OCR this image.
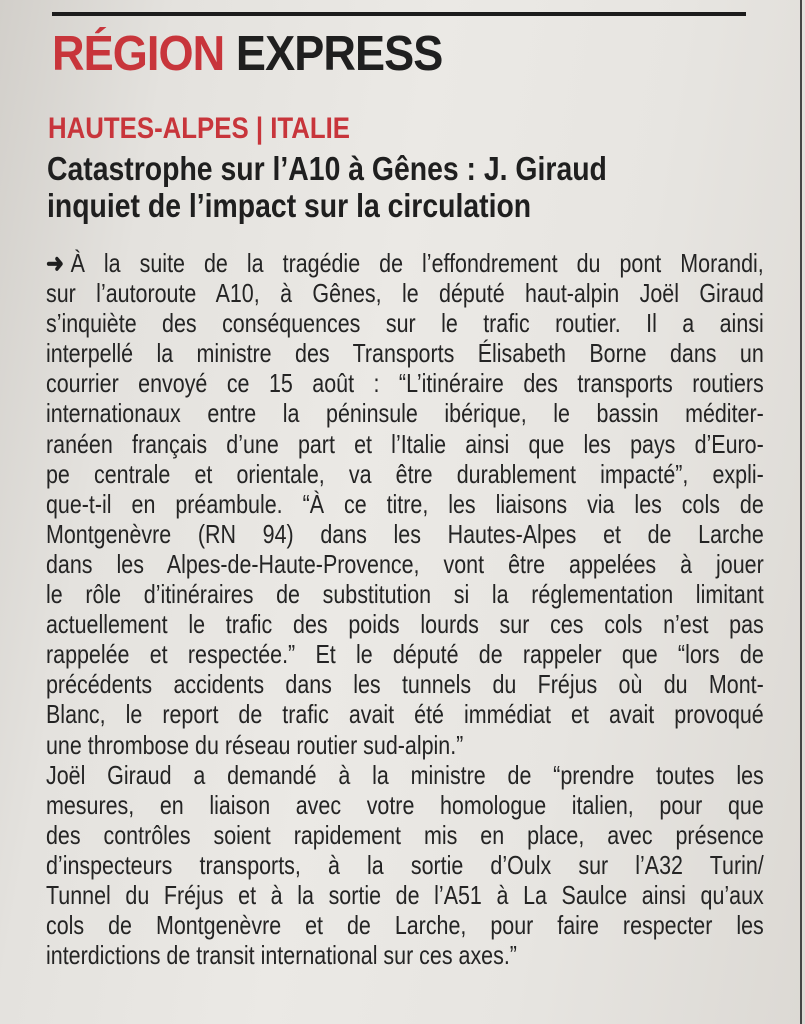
RÉGION EXPRESS
HAUTES-ALPES | ITALIE
Catastrophe sur l’A10 à Gênes : J. Giraud
inquiet de l’impact sur la circulation
➜ À la suite de la tragédie de l’effondrement du pont Morandi,
sur l’autoroute A10, à Gênes, le député haut-alpin Joël Giraud
s’inquiète des conséquences sur le trafic routier. Il a ainsi
interpellé la ministre des Transports Élisabeth Borne dans un
courrier envoyé ce 15 août : “L’itinéraire des transports routiers
internationaux entre la péninsule ibérique, le bassin méditer-
ranéen français d’une part et l’Italie ainsi que les pays d’Euro-
pe centrale et orientale, va être durablement impacté”, expli-
que-t-il en préambule. “À ce titre, les liaisons via les cols de
Montgenèvre (RN 94) dans les Hautes-Alpes et de Larche
dans les Alpes-de-Haute-Provence, vont être appelées à jouer
le rôle d’itinéraires de substitution si la réglementation limitant
actuellement le trafic des poids lourds sur ces cols n’est pas
rappelée et respectée.” Et le député de rappeler que “lors de
précédents accidents dans les tunnels du Fréjus où du Mont-
Blanc, le report de trafic avait été immédiat et avait provoqué
une thrombose du réseau routier sud-alpin.”
Joël Giraud a demandé à la ministre de “prendre toutes les
mesures, en liaison avec votre homologue italien, pour que
des contrôles soient rapidement mis en place, avec présence
d’inspecteurs transports, à la sortie d’Oulx sur l’A32 Turin/
Tunnel du Fréjus et à la sortie de l’A51 à La Saulce ainsi qu’aux
cols de Montgenèvre et de Larche, pour faire respecter les
interdictions de transit international sur ces axes.”
